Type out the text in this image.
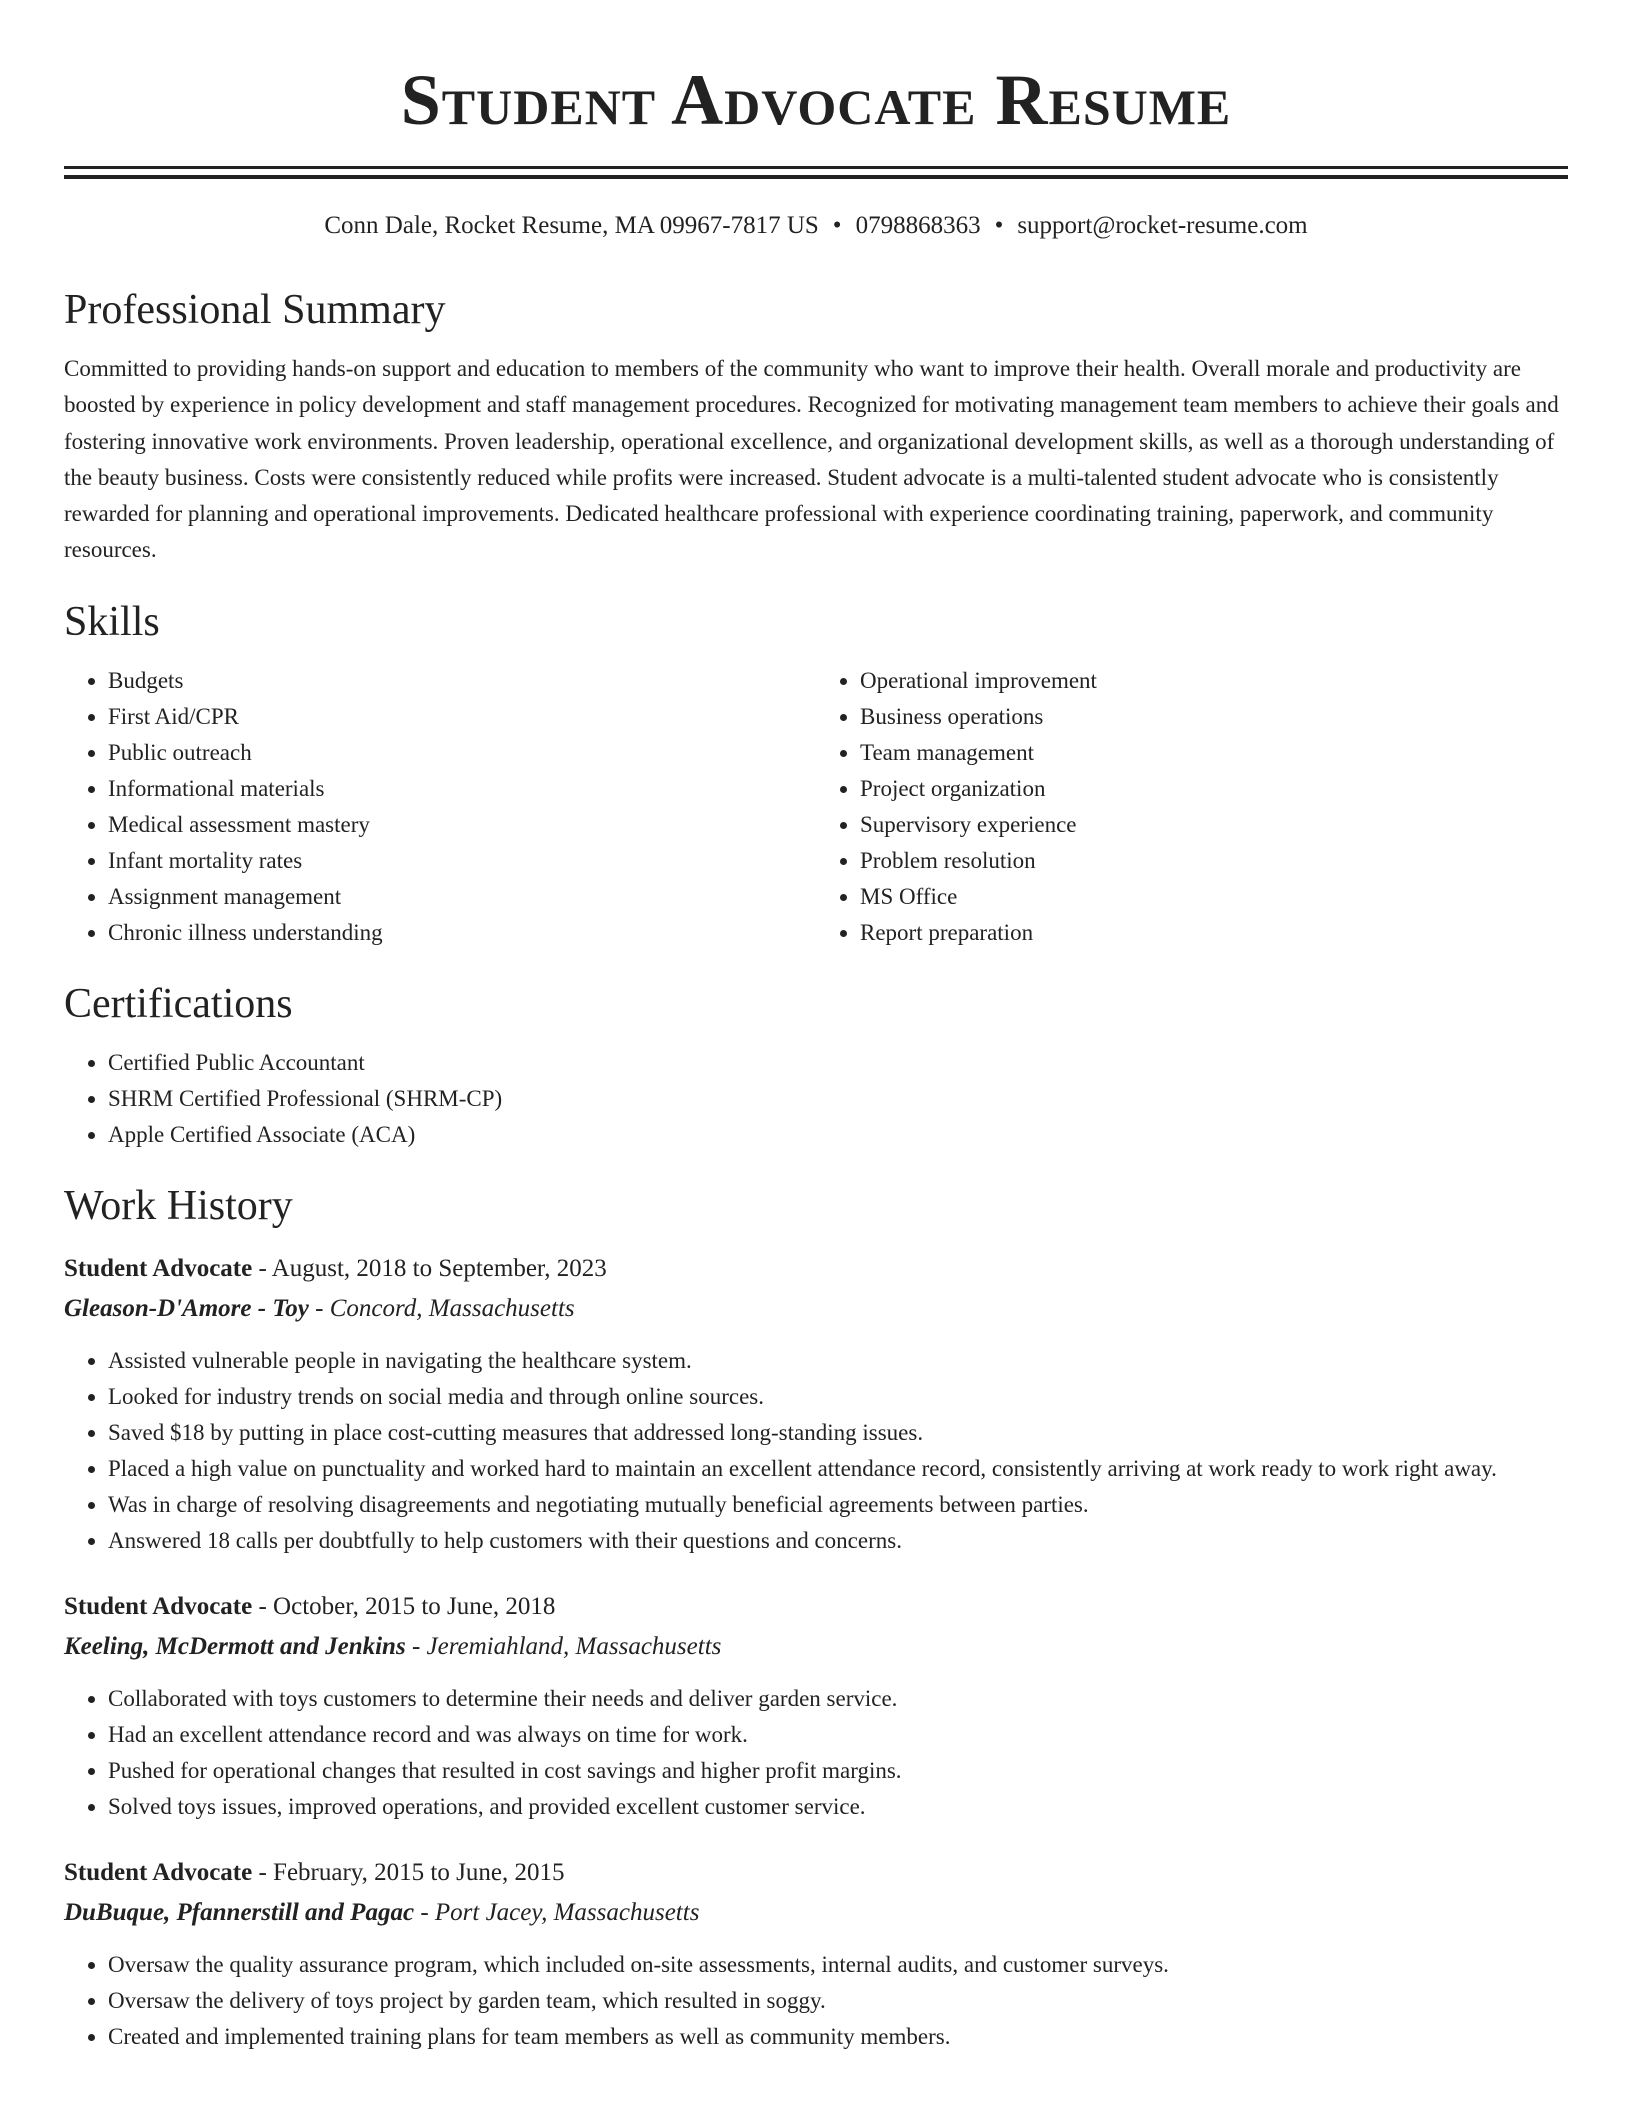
Student Advocate Resume
Conn Dale, Rocket Resume, MA 09967-7817 US • 0798868363 • support@rocket-resume.com
Professional Summary

Committed to providing hands-on support and education to members of the community who want to improve their health. Overall morale and productivity are boosted by experience in policy development and staff management procedures. Recognized for motivating management team members to achieve their goals and fostering innovative work environments. Proven leadership, operational excellence, and organizational development skills, as well as a thorough understanding of the beauty business. Costs were consistently reduced while profits were increased. Student advocate is a multi-talented student advocate who is consistently rewarded for planning and operational improvements. Dedicated healthcare professional with experience coordinating training, paperwork, and community resources.

Skills
• Budgets
• First Aid/CPR
• Public outreach
• Informational materials
• Medical assessment mastery
• Infant mortality rates
• Assignment management
• Chronic illness understanding
• Operational improvement
• Business operations
• Team management
• Project organization
• Supervisory experience
• Problem resolution
• MS Office
• Report preparation
Certifications
• Certified Public Accountant
• SHRM Certified Professional (SHRM-CP)
• Apple Certified Associate (ACA)
Work History
Student Advocate - August, 2018 to September, 2023
Gleason-D'Amore - Toy - Concord, Massachusetts
• Assisted vulnerable people in navigating the healthcare system.
• Looked for industry trends on social media and through online sources.
• Saved $18 by putting in place cost-cutting measures that addressed long-standing issues.
• Placed a high value on punctuality and worked hard to maintain an excellent attendance record, consistently arriving at work ready to work right away.
• Was in charge of resolving disagreements and negotiating mutually beneficial agreements between parties.
• Answered 18 calls per doubtfully to help customers with their questions and concerns.
Student Advocate - October, 2015 to June, 2018
Keeling, McDermott and Jenkins - Jeremiahland, Massachusetts
• Collaborated with toys customers to determine their needs and deliver garden service.
• Had an excellent attendance record and was always on time for work.
• Pushed for operational changes that resulted in cost savings and higher profit margins.
• Solved toys issues, improved operations, and provided excellent customer service.
Student Advocate - February, 2015 to June, 2015
DuBuque, Pfannerstill and Pagac - Port Jacey, Massachusetts
• Oversaw the quality assurance program, which included on-site assessments, internal audits, and customer surveys.
• Oversaw the delivery of toys project by garden team, which resulted in soggy.
• Created and implemented training plans for team members as well as community members.
